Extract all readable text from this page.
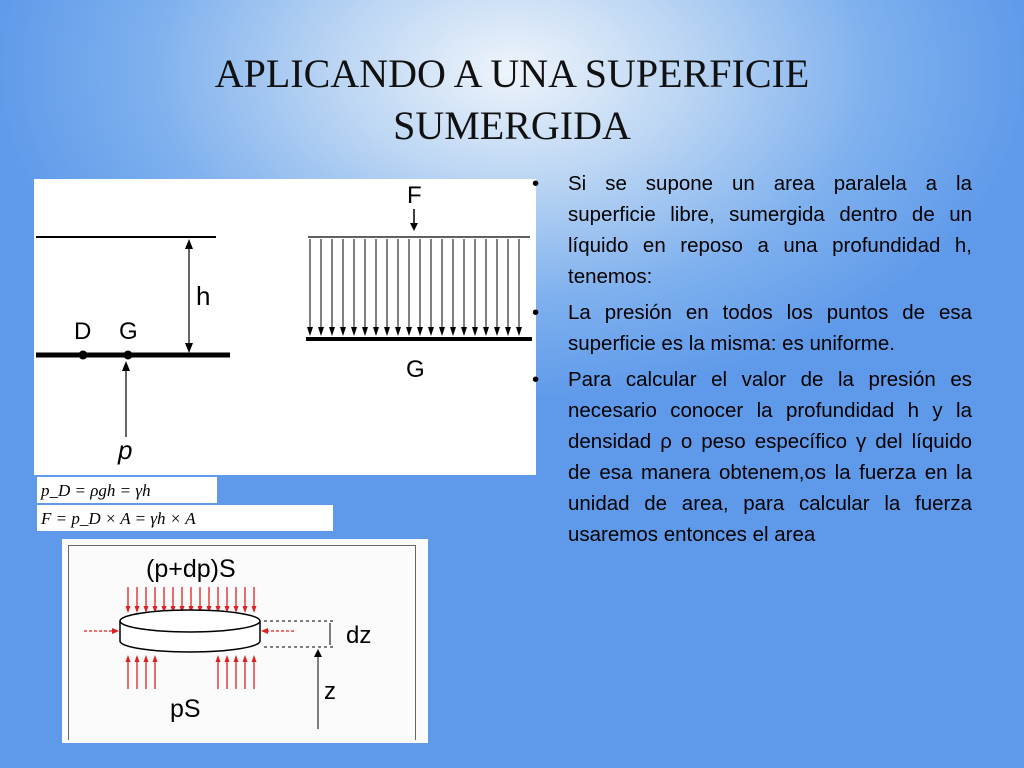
APLICANDO A UNA SUPERFICIE
SUMERGIDA
h
D G
p
F
G
p_D = ρgh = γh
F = p_D × A = γh × A
(p+dp)S
dz
z
pS
• Si se supone un area paralela a la superficie libre, sumergida dentro de un líquido en reposo a una profundidad h, tenemos:
• La presión en todos los puntos de esa superficie es la misma: es uniforme.
• Para calcular el valor de la presión es necesario conocer la profundidad h y la densidad ρ o peso específico γ del líquido de esa manera obtenem,os la fuerza en la unidad de area, para calcular la fuerza usaremos entonces el area
